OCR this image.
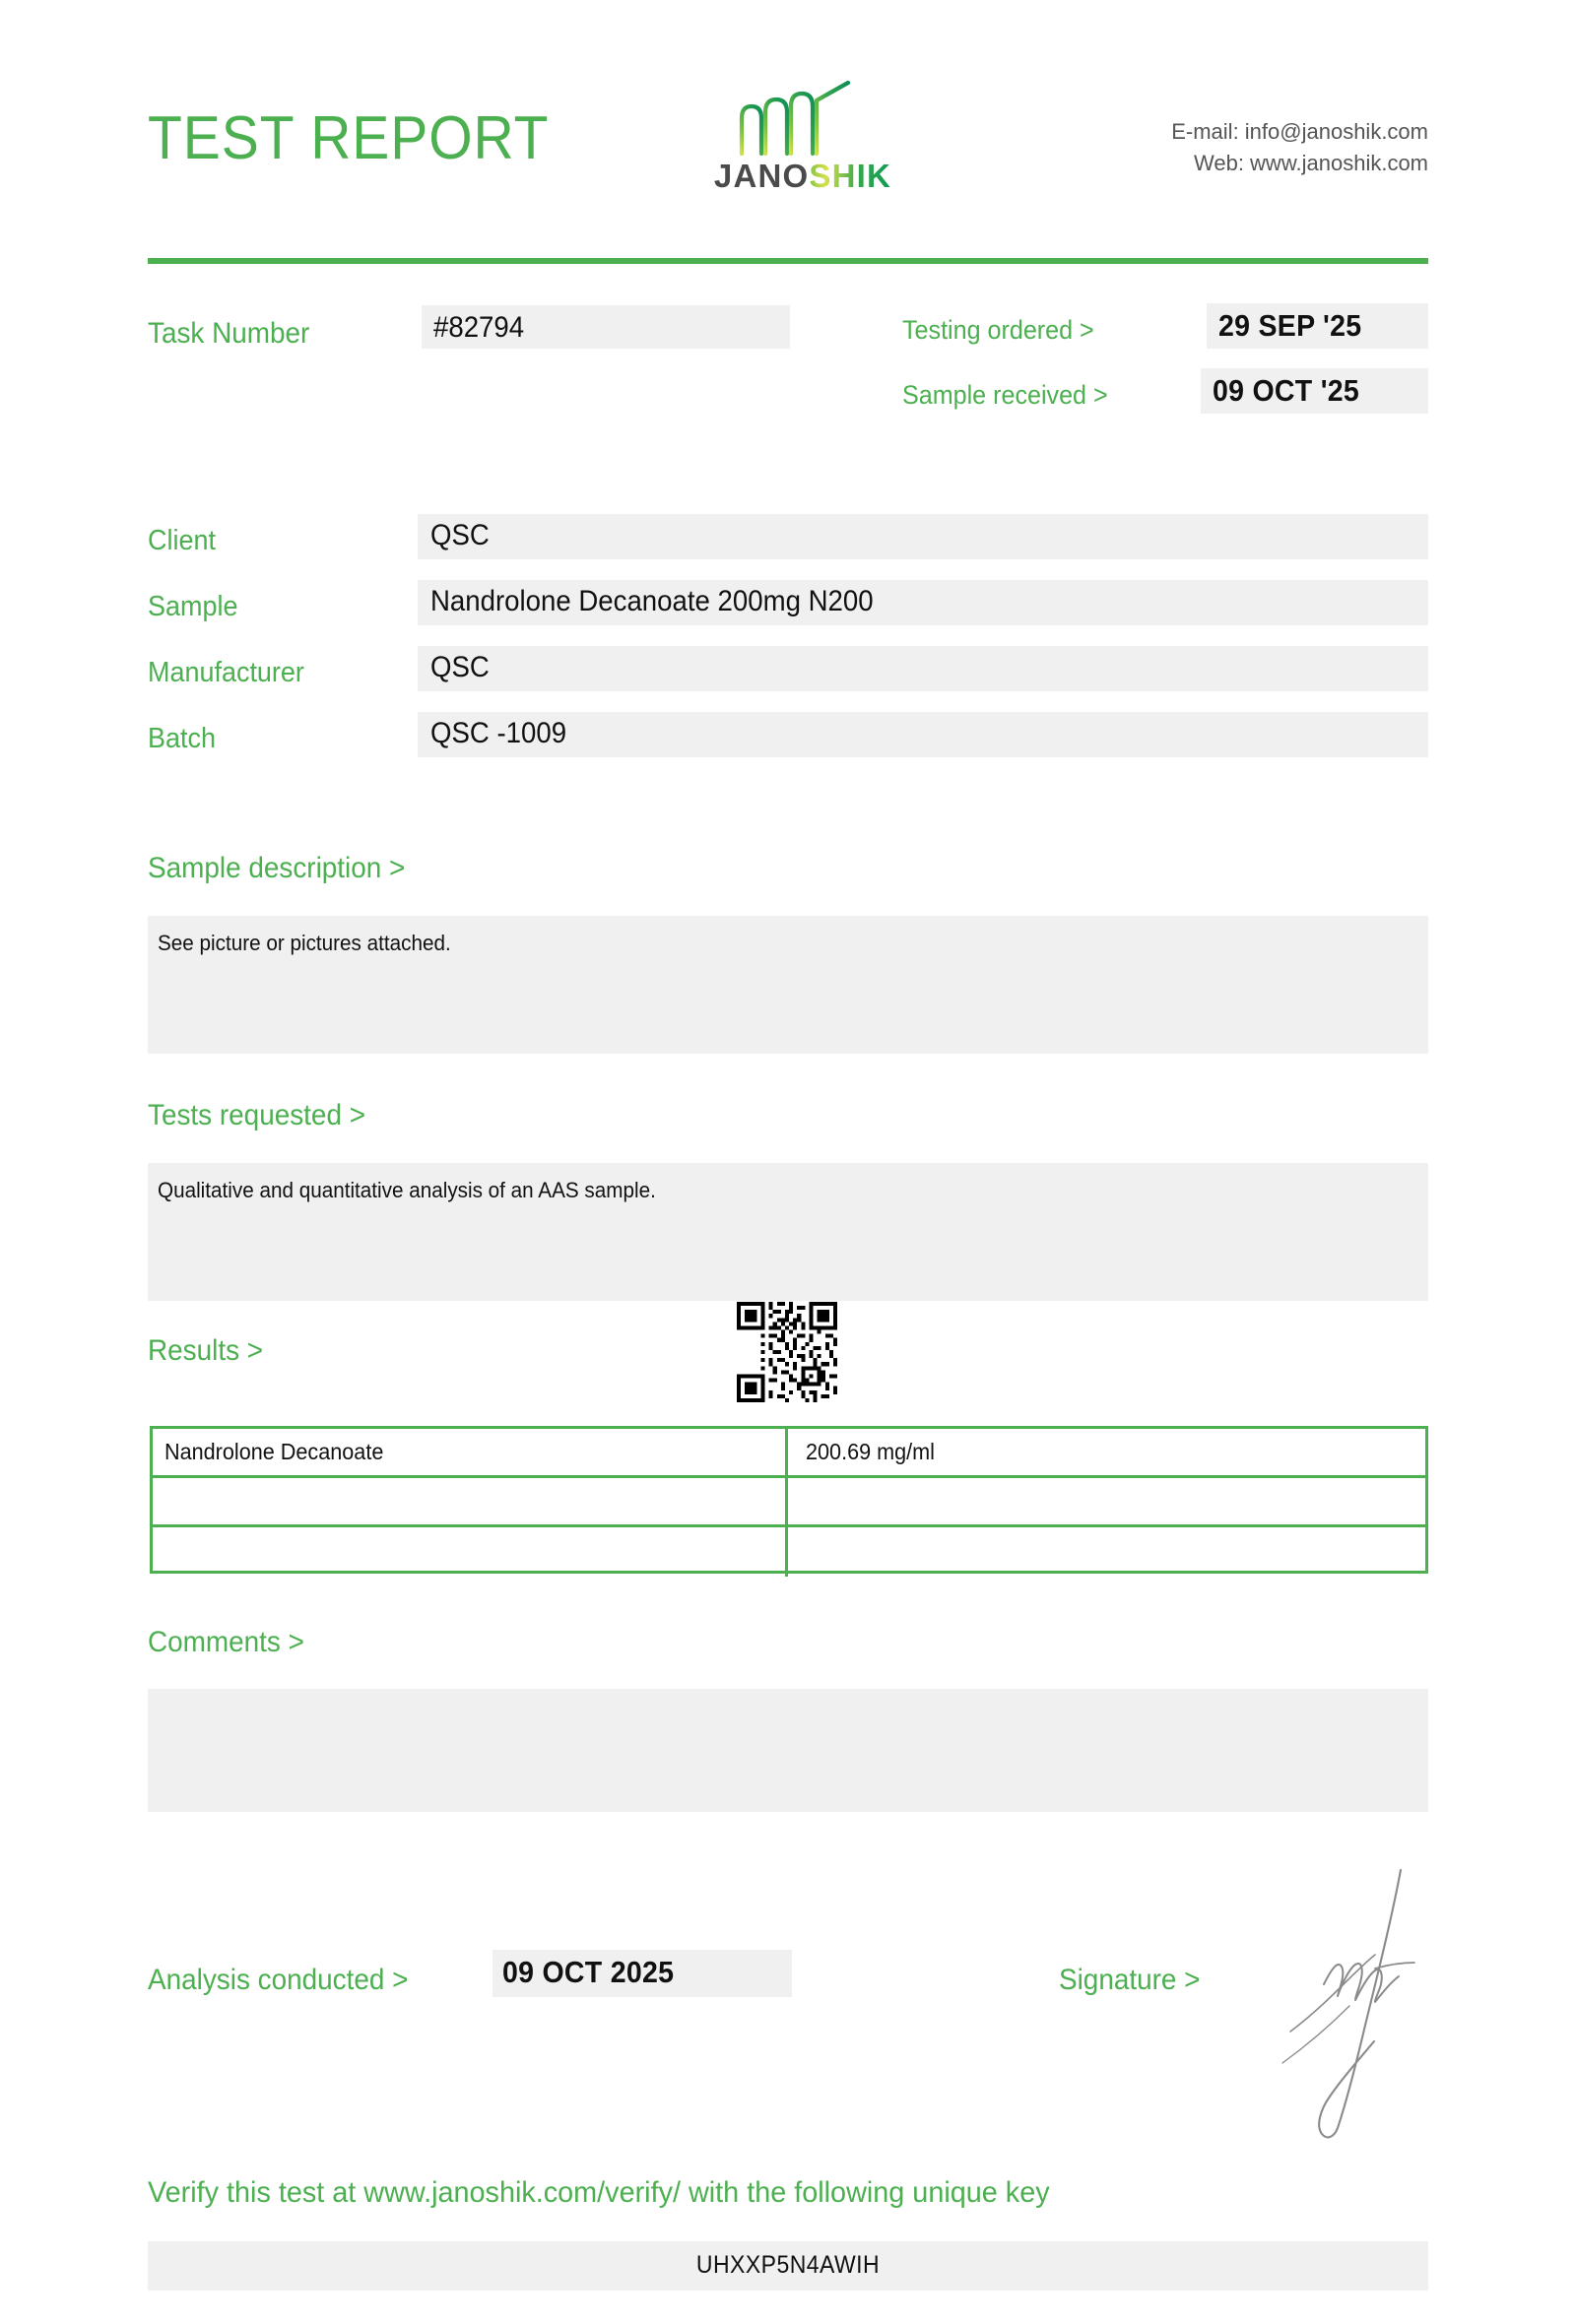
TEST REPORT
JANOSHIK
E-mail: info@janoshik.com
Web: www.janoshik.com
Task Number	#82794	Testing ordered >	29 SEP '25
Sample received >	09 OCT '25
Client	QSC
Sample	Nandrolone Decanoate 200mg N200
Manufacturer	QSC
Batch	QSC -1009
Sample description >
See picture or pictures attached.
Tests requested >
Qualitative and quantitative analysis of an AAS sample.
Results >
Nandrolone Decanoate	200.69 mg/ml
Comments >
Analysis conducted >	09 OCT 2025	Signature >
Verify this test at www.janoshik.com/verify/ with the following unique key
UHXXP5N4AWIH
